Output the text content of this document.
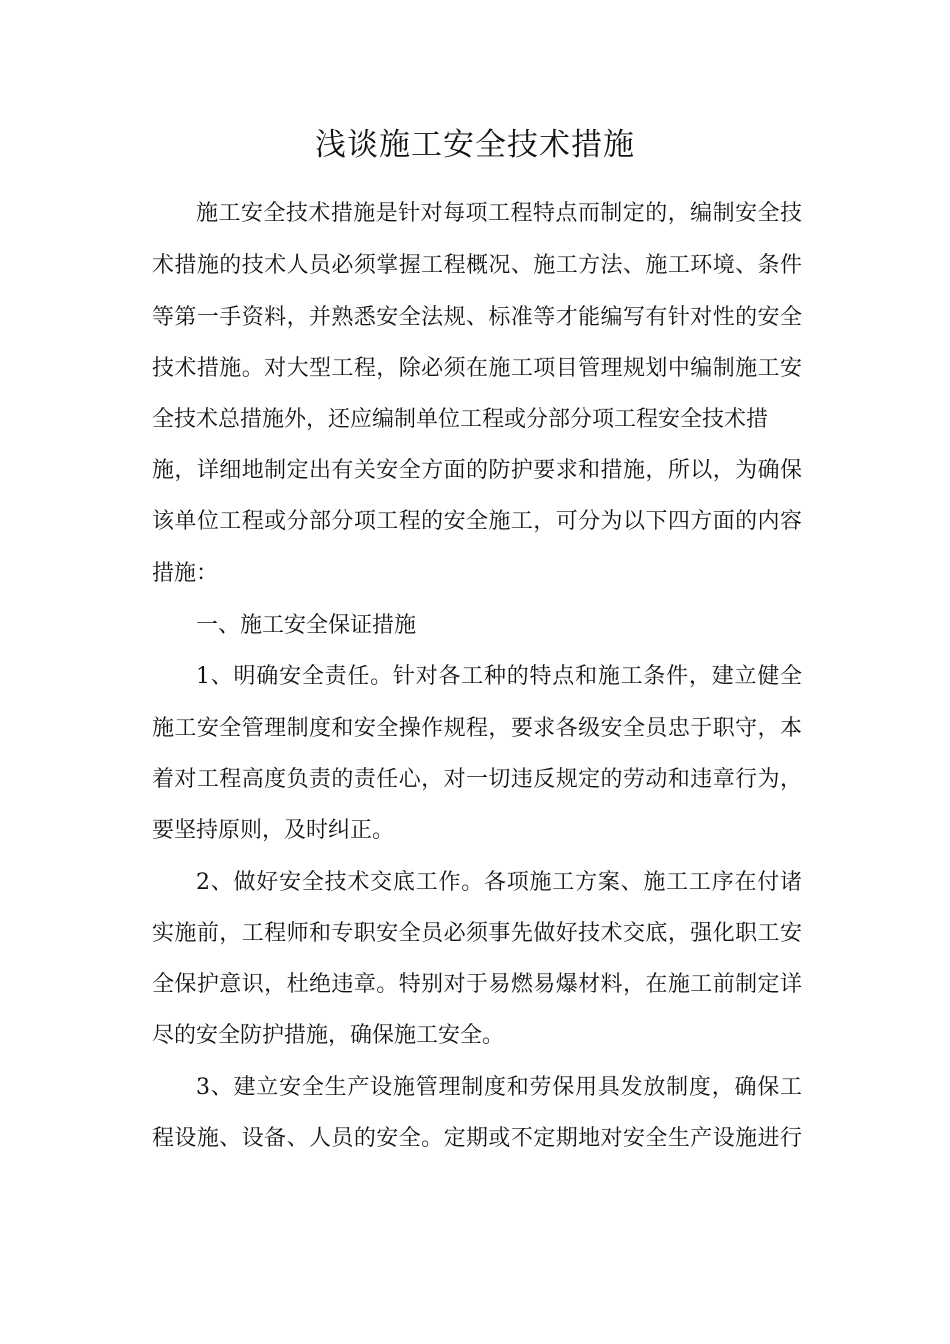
浅谈施工安全技术措施

施工安全技术措施是针对每项工程特点而制定的，编制安全技

术措施的技术人员必须掌握工程概况、施工方法、施工环境、条件

等第一手资料，并熟悉安全法规、标准等才能编写有针对性的安全

技术措施。对大型工程，除必须在施工项目管理规划中编制施工安

全技术总措施外，还应编制单位工程或分部分项工程安全技术措

施，详细地制定出有关安全方面的防护要求和措施，所以，为确保

该单位工程或分部分项工程的安全施工，可分为以下四方面的内容

措施：

一、施工安全保证措施

1、明确安全责任。针对各工种的特点和施工条件，建立健全

施工安全管理制度和安全操作规程，要求各级安全员忠于职守，本

着对工程高度负责的责任心，对一切违反规定的劳动和违章行为，

要坚持原则，及时纠正。

2、做好安全技术交底工作。各项施工方案、施工工序在付诸

实施前，工程师和专职安全员必须事先做好技术交底，强化职工安

全保护意识，杜绝违章。特别对于易燃易爆材料，在施工前制定详

尽的安全防护措施，确保施工安全。

3、建立安全生产设施管理制度和劳保用具发放制度，确保工

程设施、设备、人员的安全。定期或不定期地对安全生产设施进行
